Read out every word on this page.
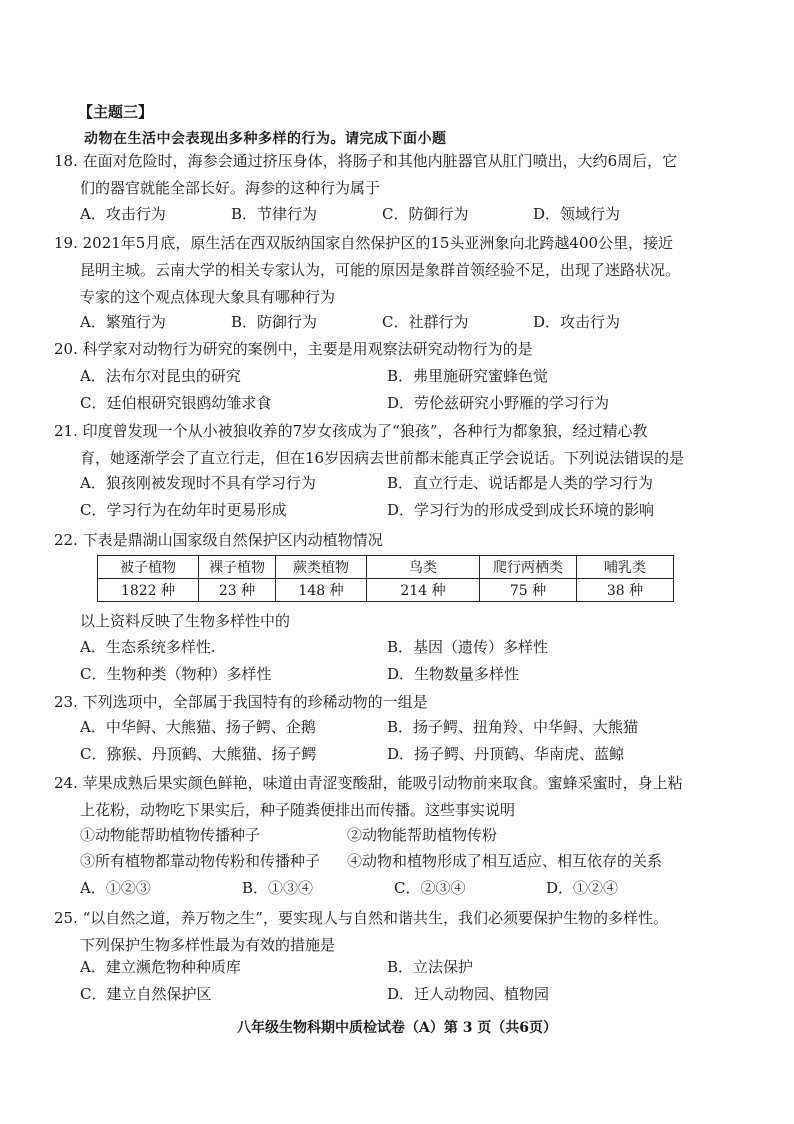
【主题三】
动物在生活中会表现出多种多样的行为。请完成下面小题
18. 在面对危险时，海参会通过挤压身体，将肠子和其他内脏器官从肛门喷出，大约6周后，它
们的器官就能全部长好。海参的这种行为属于
A．攻击行为	B．节律行为	C．防御行为	D．领域行为
19. 2021年5月底，原生活在西双版纳国家自然保护区的15头亚洲象向北跨越400公里，接近
昆明主城。云南大学的相关专家认为，可能的原因是象群首领经验不足，出现了迷路状况。
专家的这个观点体现大象具有哪种行为
A．繁殖行为	B．防御行为	C．社群行为	D．攻击行为
20. 科学家对动物行为研究的案例中，主要是用观察法研究动物行为的是
A．法布尔对昆虫的研究	B．弗里施研究蜜蜂色觉
C．廷伯根研究银鸥幼雏求食	D．劳伦兹研究小野雁的学习行为
21. 印度曾发现一个从小被狼收养的7岁女孩成为了“狼孩”，各种行为都象狼，经过精心教
育，她逐渐学会了直立行走，但在16岁因病去世前都未能真正学会说话。下列说法错误的是
A．狼孩刚被发现时不具有学习行为	B．直立行走、说话都是人类的学习行为
C．学习行为在幼年时更易形成	D．学习行为的形成受到成长环境的影响
22. 下表是鼎湖山国家级自然保护区内动植物情况
被子植物	裸子植物	蕨类植物	鸟类	爬行两栖类	哺乳类
1822 种	23 种	148 种	214 种	75 种	38 种
以上资料反映了生物多样性中的
A．生态系统多样性.	B．基因（遗传）多样性
C．生物种类（物种）多样性	D．生物数量多样性
23. 下列选项中，全部属于我国特有的珍稀动物的一组是
A．中华鲟、大熊猫、扬子鳄、企鹅	B．扬子鳄、扭角羚、中华鲟、大熊猫
C．猕猴、丹顶鹤、大熊猫、扬子鳄	D．扬子鳄、丹顶鹤、华南虎、蓝鲸
24. 苹果成熟后果实颜色鲜艳，味道由青涩变酸甜，能吸引动物前来取食。蜜蜂采蜜时，身上粘
上花粉，动物吃下果实后，种子随粪便排出而传播。这些事实说明
①动物能帮助植物传播种子	②动物能帮助植物传粉
③所有植物都靠动物传粉和传播种子	④动物和植物形成了相互适应、相互依存的关系
A．①②③	B．①③④	C．②③④	D．①②④
25. “以自然之道，养万物之生”，要实现人与自然和谐共生，我们必须要保护生物的多样性。
下列保护生物多样性最为有效的措施是
A．建立濒危物种种质库	B．立法保护
C．建立自然保护区	D．迁人动物园、植物园
八年级生物科期中质检试卷（A）第 3 页（共6页）
